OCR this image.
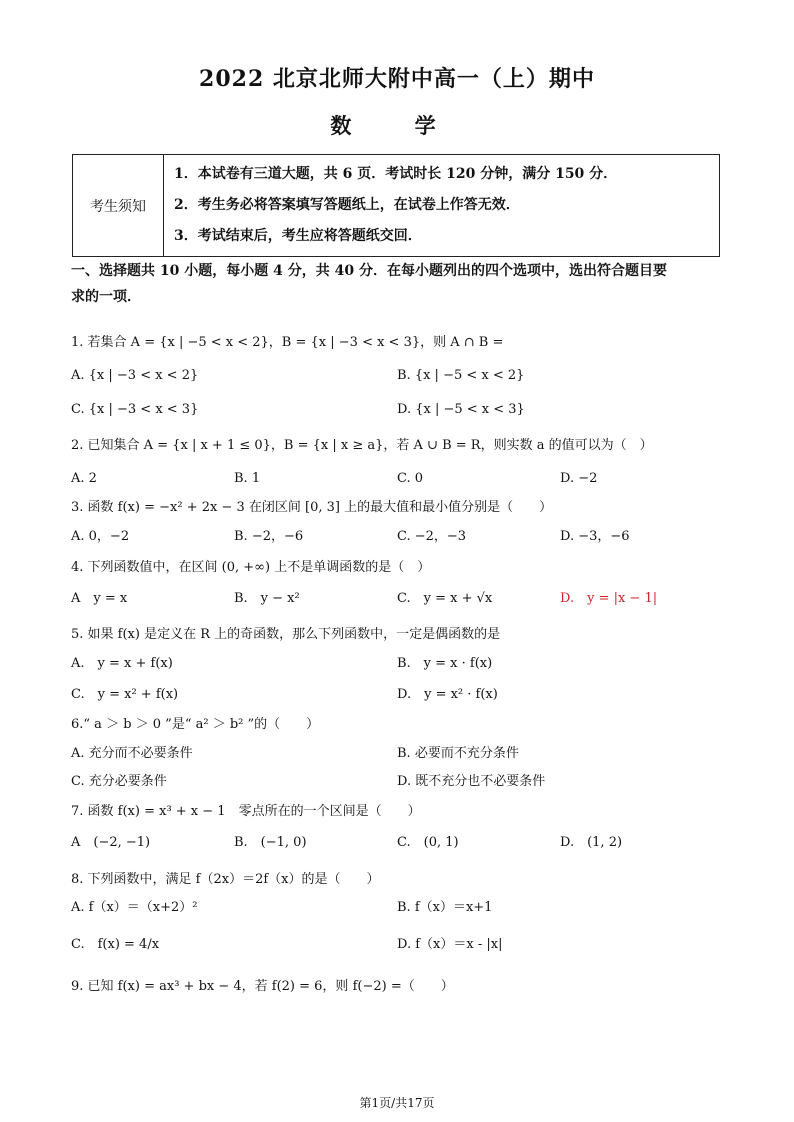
2022 北京北师大附中高一（上）期中
数 学
考生须知	
1．本试卷有三道大题，共 6 页．考试时长 120 分钟，满分 150 分．
2．考生务必将答案填写答题纸上，在试卷上作答无效．
3．考试结束后，考生应将答题纸交回．
一、选择题共 10 小题，每小题 4 分，共 40 分．在每小题列出的四个选项中，选出符合题目要
求的一项．
1. 若集合 A = {x | −5 < x < 2}，B = {x | −3 < x < 3}，则 A ∩ B =
A. {x | −3 < x < 2}	B. {x | −5 < x < 2}
C. {x | −3 < x < 3}	D. {x | −5 < x < 3}
2. 已知集合 A = {x | x + 1 ≤ 0}，B = {x | x ≥ a}，若 A ∪ B = R，则实数 a 的值可以为（　）
A. 2	B. 1	C. 0	D. −2
3. 函数 f(x) = −x² + 2x − 3 在闭区间 [0, 3] 上的最大值和最小值分别是（　　）
A. 0，−2	B. −2，−6	C. −2，−3	D. −3，−6
4. 下列函数值中，在区间 (0, +∞) 上不是单调函数的是（　）
A　y = x	B.　y − x²	C.　y = x + √x	D.　y = |x − 1|
5. 如果 f(x) 是定义在 R 上的奇函数，那么下列函数中，一定是偶函数的是
A.　y = x + f(x)	B.　y = x · f(x)
C.　y = x² + f(x)	D.　y = x² · f(x)
6.“ a ＞ b ＞ 0 ”是“ a² ＞ b² ”的（　　）
A. 充分而不必要条件	B. 必要而不充分条件
C. 充分必要条件	D. 既不充分也不必要条件
7. 函数 f(x) = x³ + x − 1　零点所在的一个区间是（　　）
A　(−2, −1)	B.　(−1, 0)	C.　(0, 1)	D.　(1, 2)
8. 下列函数中，满足 f（2x）＝2f（x）的是（　　）
A. f（x）＝（x+2）²	B. f（x）＝x+1
C.　f(x) = 4/x	D. f（x）＝x - |x|
9. 已知 f(x) = ax³ + bx − 4，若 f(2) = 6，则 f(−2) =（　　）
第1页/共17页
